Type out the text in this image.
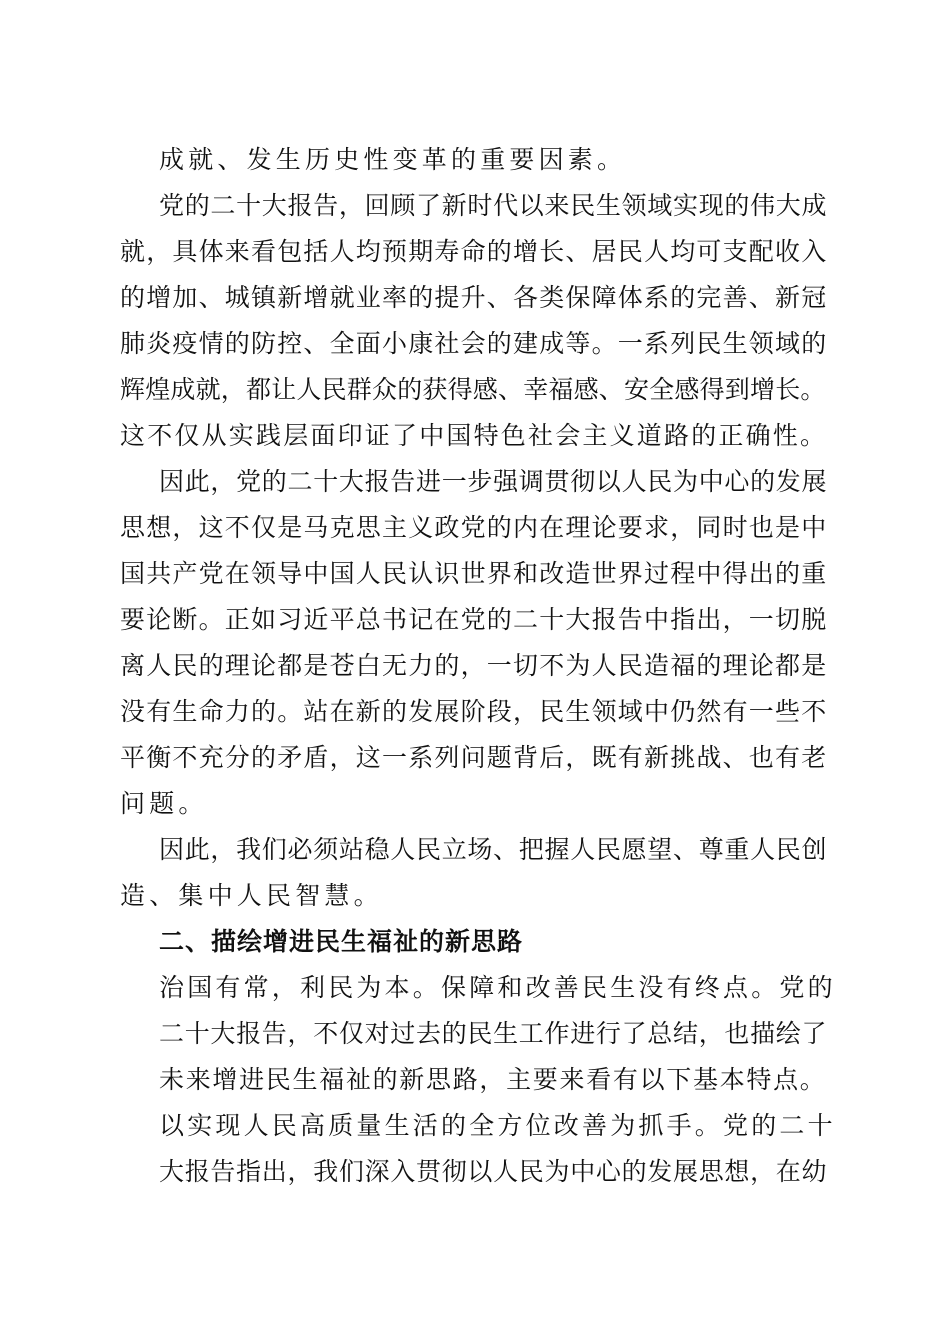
成就、发生历史性变革的重要因素。
党的二十大报告，回顾了新时代以来民生领域实现的伟大成
就，具体来看包括人均预期寿命的增长、居民人均可支配收入
的增加、城镇新增就业率的提升、各类保障体系的完善、新冠
肺炎疫情的防控、全面小康社会的建成等。一系列民生领域的
辉煌成就，都让人民群众的获得感、幸福感、安全感得到增长。
这不仅从实践层面印证了中国特色社会主义道路的正确性。
因此，党的二十大报告进一步强调贯彻以人民为中心的发展
思想，这不仅是马克思主义政党的内在理论要求，同时也是中
国共产党在领导中国人民认识世界和改造世界过程中得出的重
要论断。正如习近平总书记在党的二十大报告中指出，一切脱
离人民的理论都是苍白无力的，一切不为人民造福的理论都是
没有生命力的。站在新的发展阶段，民生领域中仍然有一些不
平衡不充分的矛盾，这一系列问题背后，既有新挑战、也有老
问题。
因此，我们必须站稳人民立场、把握人民愿望、尊重人民创
造、集中人民智慧。
二、描绘增进民生福祉的新思路
治国有常，利民为本。保障和改善民生没有终点。党的
二十大报告，不仅对过去的民生工作进行了总结，也描绘了
未来增进民生福祉的新思路，主要来看有以下基本特点。
以实现人民高质量生活的全方位改善为抓手。党的二十
大报告指出，我们深入贯彻以人民为中心的发展思想，在幼
